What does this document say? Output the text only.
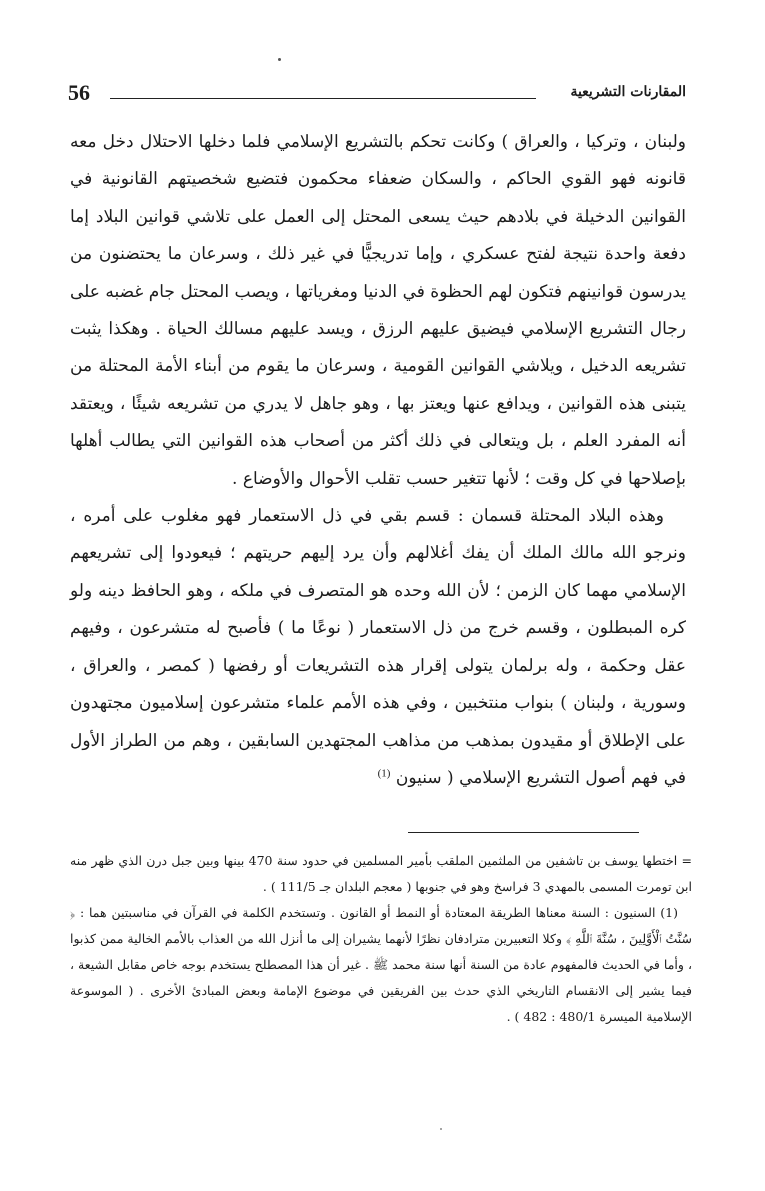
56	المقارنات التشريعية

ولبنان ، وتركيا ، والعراق ) وكانت تحكم بالتشريع الإسلامي فلما دخلها الاحتلال دخل معه قانونه فهو القوي الحاكم ، والسكان ضعفاء محكمون فتضيع شخصيتهم القانونية في القوانين الدخيلة في بلادهم حيث يسعى المحتل إلى العمل على تلاشي قوانين البلاد إما دفعة واحدة نتيجة لفتح عسكري ، وإما تدريجيًّا في غير ذلك ، وسرعان ما يحتضنون من يدرسون قوانينهم فتكون لهم الحظوة في الدنيا ومغرياتها ، ويصب المحتل جام غضبه على رجال التشريع الإسلامي فيضيق عليهم الرزق ، ويسد عليهم مسالك الحياة . وهكذا يثبت تشريعه الدخيل ، ويلاشي القوانين القومية ، وسرعان ما يقوم من أبناء الأمة المحتلة من يتبنى هذه القوانين ، ويدافع عنها ويعتز بها ، وهو جاهل لا يدري من تشريعه شيئًا ، ويعتقد أنه المفرد العلم ، بل ويتعالى في ذلك أكثر من أصحاب هذه القوانين التي يطالب أهلها بإصلاحها في كل وقت ؛ لأنها تتغير حسب تقلب الأحوال والأوضاع .

وهذه البلاد المحتلة قسمان : قسم بقي في ذل الاستعمار فهو مغلوب على أمره ، ونرجو الله مالك الملك أن يفك أغلالهم وأن يرد إليهم حريتهم ؛ فيعودوا إلى تشريعهم الإسلامي مهما كان الزمن ؛ لأن الله وحده هو المتصرف في ملكه ، وهو الحافظ دينه ولو كره المبطلون ، وقسم خرج من ذل الاستعمار ( نوعًا ما ) فأصبح له متشرعون ، وفيهم عقل وحكمة ، وله برلمان يتولى إقرار هذه التشريعات أو رفضها ( كمصر ، والعراق ، وسورية ، ولبنان ) بنواب منتخبين ، وفي هذه الأمم علماء متشرعون إسلاميون مجتهدون على الإطلاق أو مقيدون بمذهب من مذاهب المجتهدين السابقين ، وهم من الطراز الأول في فهم أصول التشريع الإسلامي ( سنيون $^{(1)}$

= اختطها يوسف بن تاشفين من الملثمين الملقب بأمير المسلمين في حدود سنة 470 بينها وبين جبل درن الذي ظهر منه ابن تومرت المسمى بالمهدي 3 فراسخ وهو في جنوبها ( معجم البلدان جـ 111/5 ) .

(1) السنيون : السنة معناها الطريقة المعتادة أو النمط أو القانون . وتستخدم الكلمة في القرآن في مناسبتين هما : ﴿ سُنَّتُ ٱلْأَوَّلِينَ ، سُنَّةَ ٱللَّهِ ﴾ وكلا التعبيرين مترادفان نظرًا لأنهما يشيران إلى ما أنزل الله من العذاب بالأمم الخالية ممن كذبوا ، وأما في الحديث فالمفهوم عادة من السنة أنها سنة محمد ﷺ . غير أن هذا المصطلح يستخدم بوجه خاص مقابل الشيعة ، فيما يشير إلى الانقسام التاريخي الذي حدث بين الفريقين في موضوع الإمامة وبعض المبادئ الأخرى . ( الموسوعة الإسلامية الميسرة 480/1 : 482 ) .
